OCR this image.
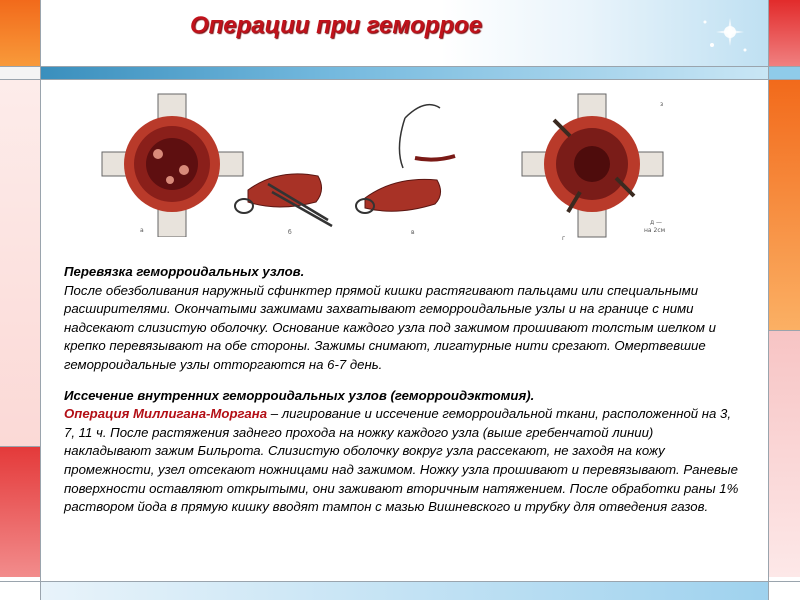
Операции при геморрое
а	б	в
г
з
д —
на 2см

Перевязка геморроидальных узлов.
После обезболивания наружный сфинктер прямой кишки растягивают пальцами или специальными расширителями. Окончатыми зажимами захватывают геморроидальные узлы и на границе с ними надсекают слизистую оболочку. Основание каждого узла под зажимом прошивают толстым шелком и крепко перевязывают на обе стороны. Зажимы снимают, лигатурные нити срезают. Омертвевшие геморроидальные узлы отторгаются на 6-7 день.

Иссечение внутренних геморроидальных узлов (геморроидэктомия).
Операция Миллигана-Моргана – лигирование и иссечение геморроидальной ткани, расположенной на 3, 7, 11 ч. После растяжения заднего прохода на ножку каждого узла (выше гребенчатой линии) накладывают зажим Бильрота. Слизистую оболочку вокруг узла рассекают, не заходя на кожу промежности, узел отсекают ножницами над зажимом. Ножку узла прошивают и перевязывают. Раневые поверхности оставляют открытыми, они заживают вторичным натяжением. После обработки раны 1% раствором йода в прямую кишку вводят тампон с мазью Вишневского и трубку для отведения газов.
